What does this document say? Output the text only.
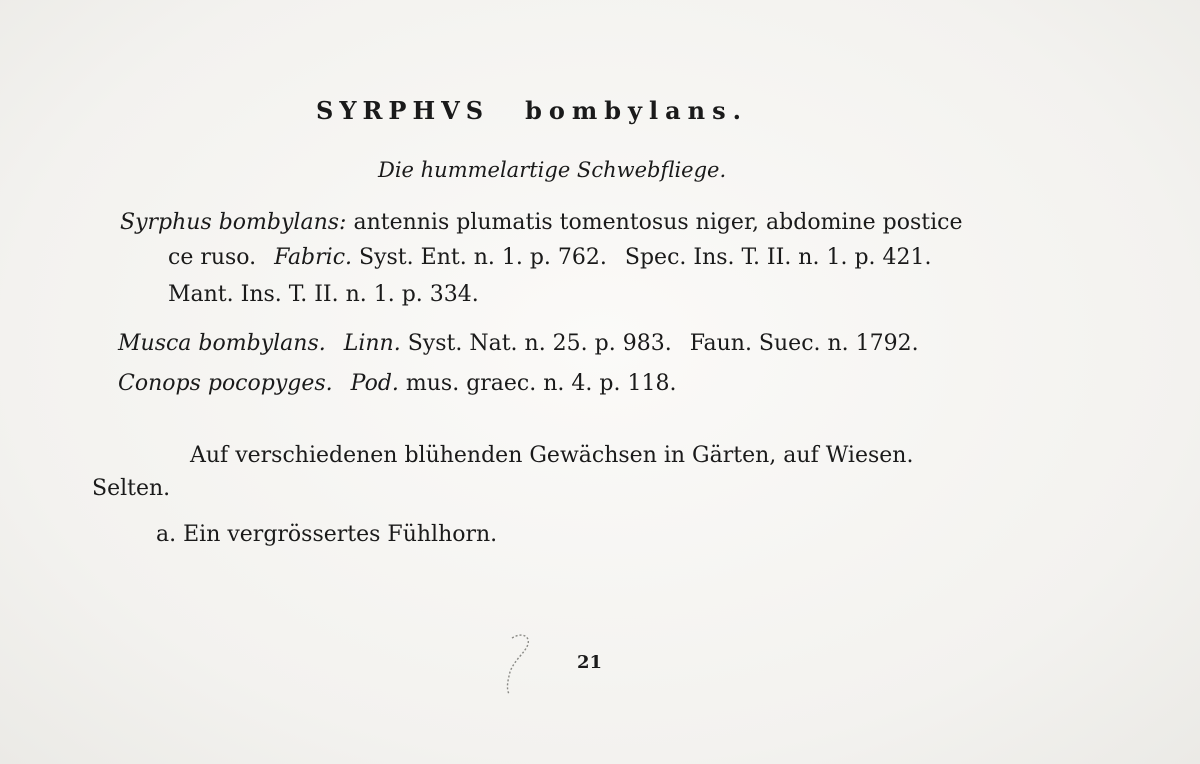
SYRPHVS bombylans.
Die hummelartige Schwebfliege.
Syrphus bombylans: antennis plumatis tomentosus niger, abdomine postice
ce ruso. Fabric. Syst. Ent. n. 1. p. 762. Spec. Ins. T. II. n. 1. p. 421.
Mant. Ins. T. II. n. 1. p. 334.
Musca bombylans. Linn. Syst. Nat. n. 25. p. 983. Faun. Suec. n. 1792.
Conops pocopyges. Pod. mus. graec. n. 4. p. 118.
Auf verschiedenen blühenden Gewächsen in Gärten, auf Wiesen.
Selten.
a. Ein vergrössertes Fühlhorn.
21
